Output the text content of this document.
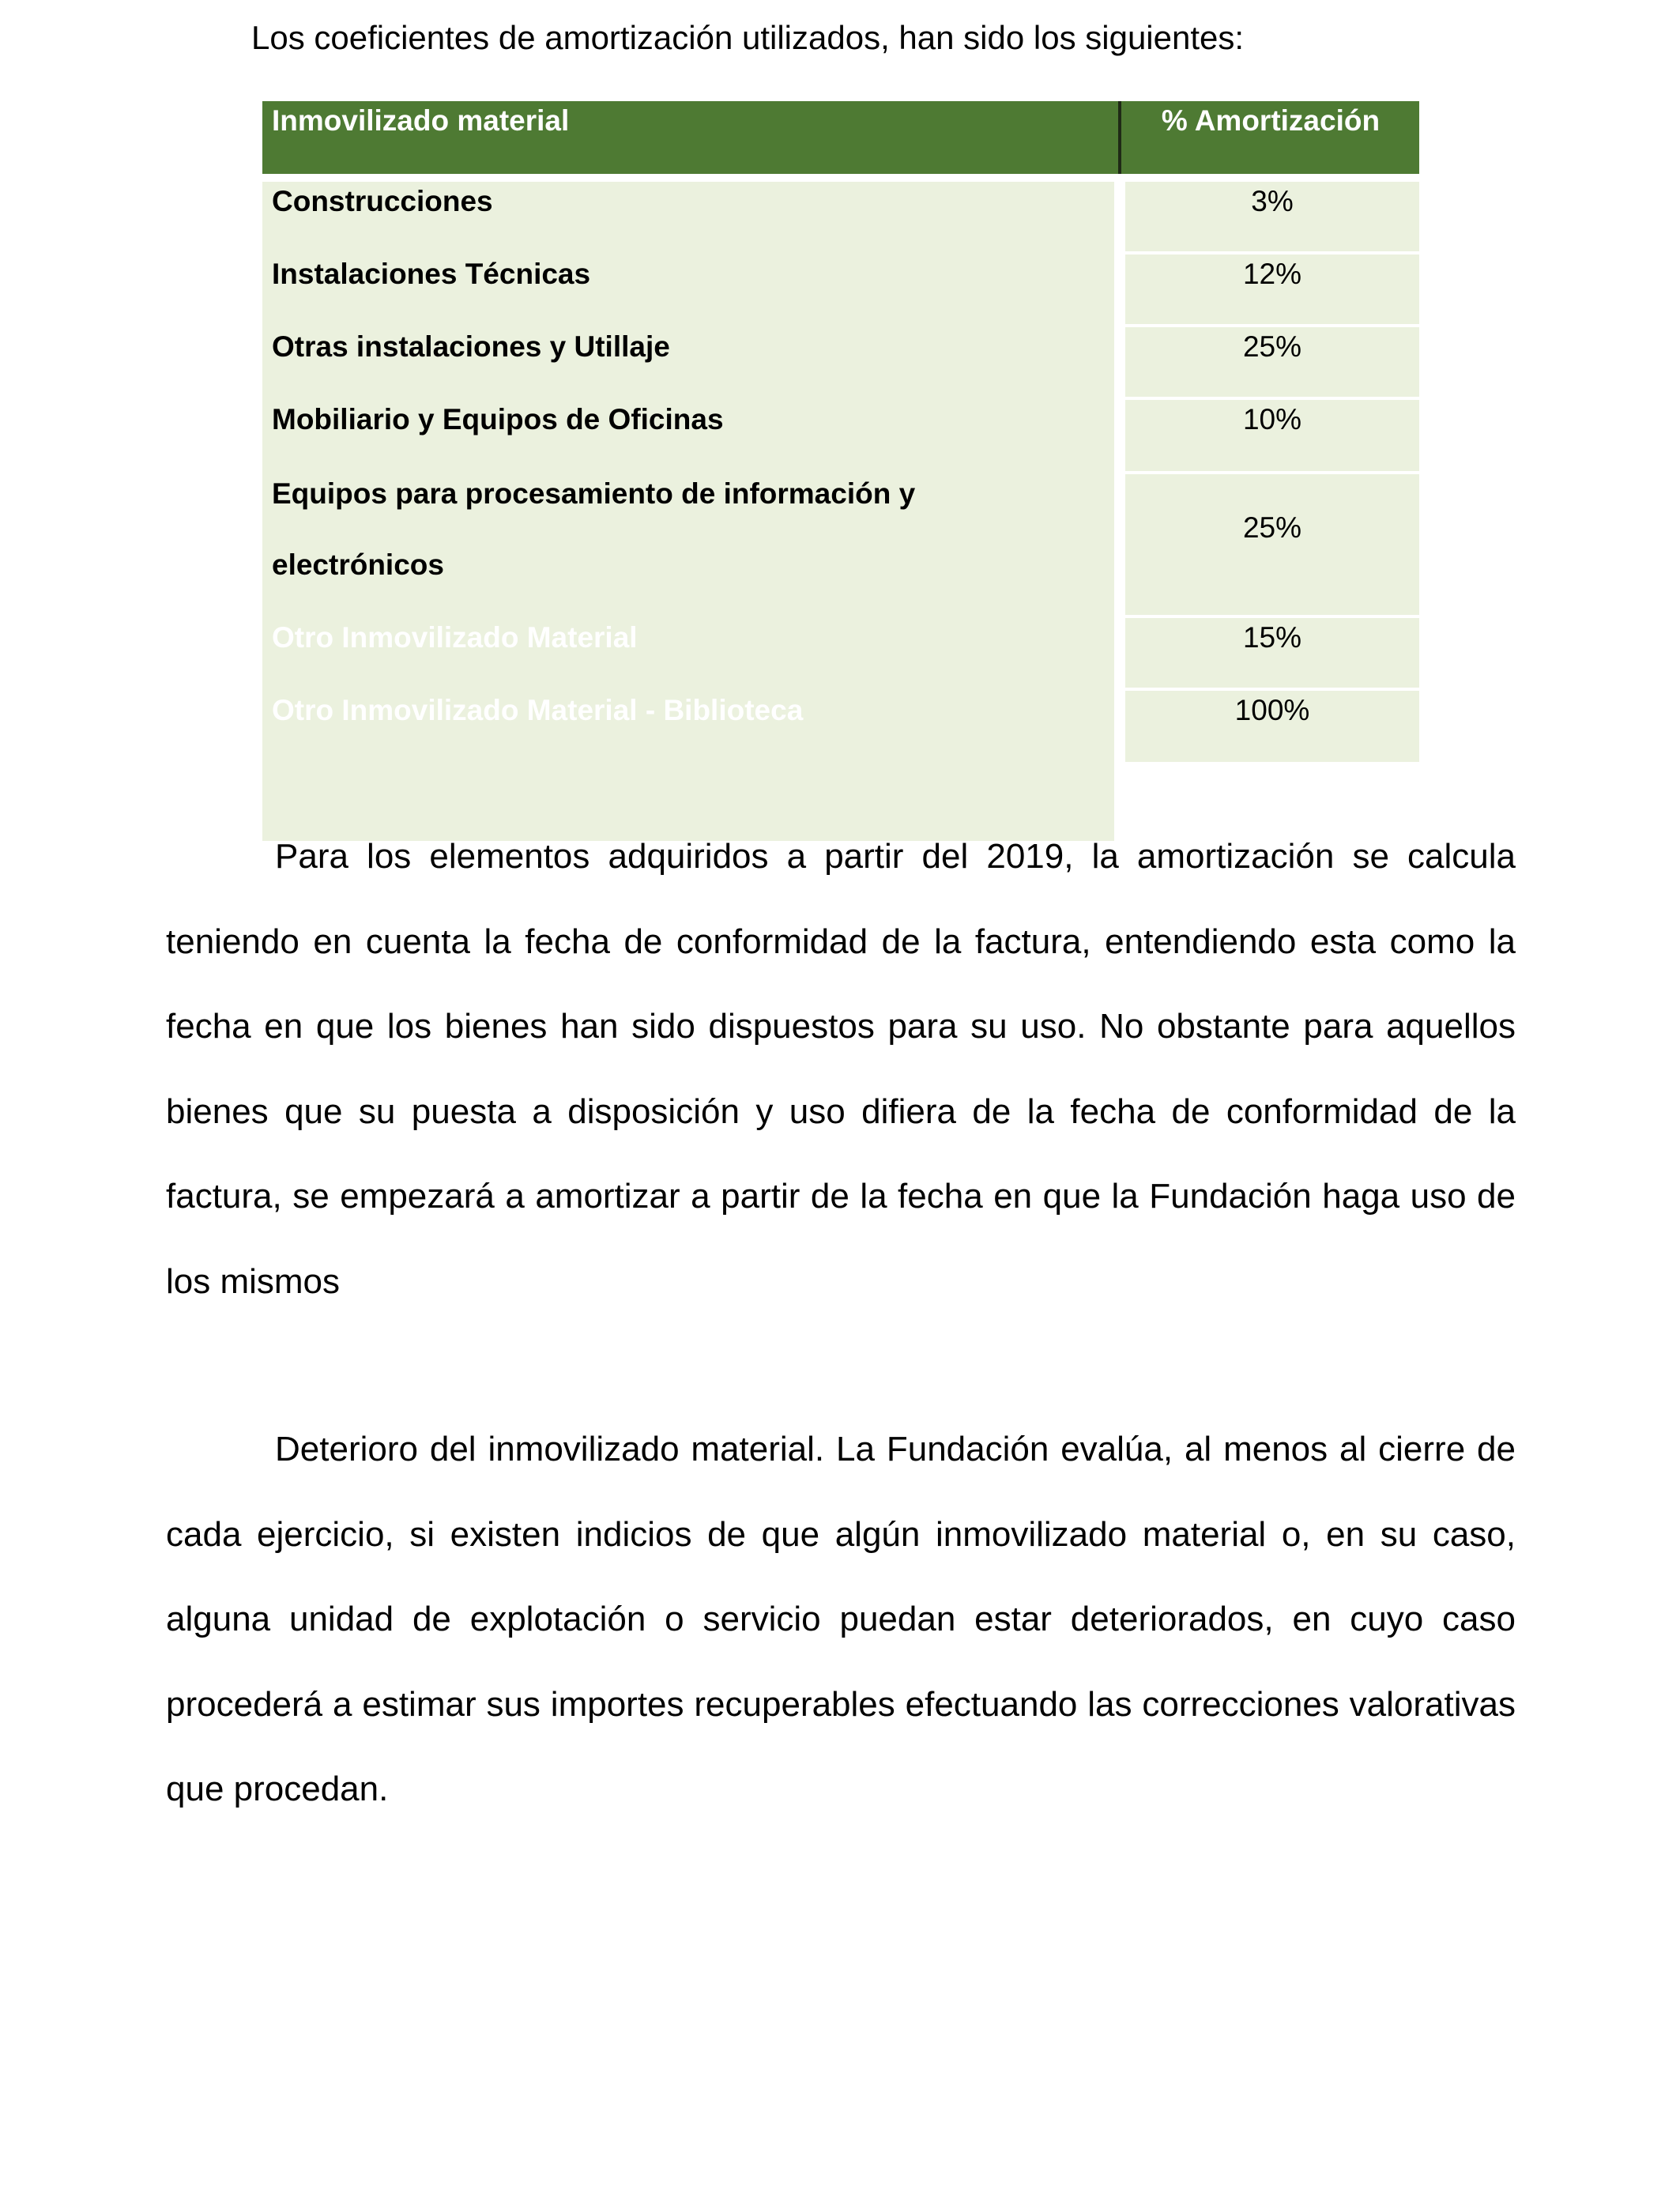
Los coeficientes de amortización utilizados, han sido los siguientes:
Inmovilizado material	% Amortización
Construcciones
Instalaciones Técnicas
Otras instalaciones y Utillaje
Mobiliario y Equipos de Oficinas
Equipos para procesamiento de información y
electrónicos
Otro Inmovilizado Material
Otro Inmovilizado Material - Biblioteca
3%
12%
25%
10%
25%
15%
100%
Para los elementos adquiridos a partir del 2019, la amortización se calcula teniendo en cuenta la fecha de conformidad de la factura, entendiendo esta como la fecha en que los bienes han sido dispuestos para su uso. No obstante para aquellos bienes que su puesta a disposición y uso difiera de la fecha de conformidad de la factura, se empezará a amortizar a partir de la fecha en que la Fundación haga uso de los mismos
Deterioro del inmovilizado material. La Fundación evalúa, al menos al cierre de cada ejercicio, si existen indicios de que algún inmovilizado material o, en su caso, alguna unidad de explotación o servicio puedan estar deteriorados, en cuyo caso procederá a estimar sus importes recuperables efectuando las correcciones valorativas que procedan.
